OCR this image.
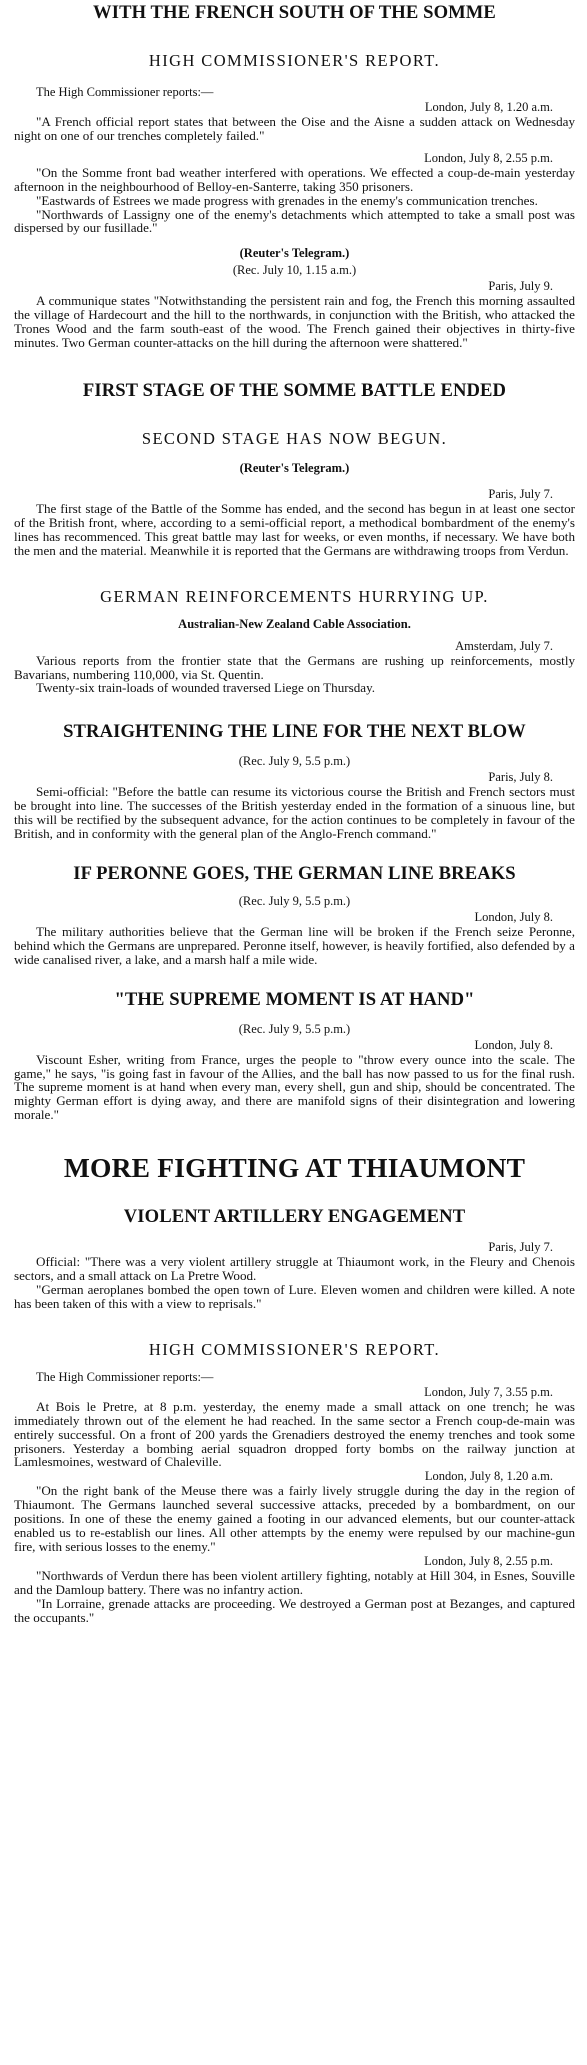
WITH THE FRENCH SOUTH OF THE SOMME
HIGH COMMISSIONER'S REPORT.

The High Commissioner reports:—

London, July 8, 1.20 a.m.

"A French official report states that between the Oise and the Aisne a sudden attack on Wednesday night on one of our trenches completely failed."

London, July 8, 2.55 p.m.

"On the Somme front bad weather interfered with operations. We effected a coup-de-main yesterday afternoon in the neighbourhood of Belloy-en-Santerre, taking 350 prisoners.

"Eastwards of Estrees we made progress with grenades in the enemy's communication trenches.

"Northwards of Lassigny one of the enemy's detachments which attempted to take a small post was dispersed by our fusillade."

(Reuter's Telegram.)

(Rec. July 10, 1.15 a.m.)

Paris, July 9.

A communique states "Notwithstanding the persistent rain and fog, the French this morning assaulted the village of Hardecourt and the hill to the northwards, in conjunction with the British, who attacked the Trones Wood and the farm south-east of the wood. The French gained their objectives in thirty-five minutes. Two German counter-attacks on the hill during the afternoon were shattered."

FIRST STAGE OF THE SOMME BATTLE ENDED
SECOND STAGE HAS NOW BEGUN.

(Reuter's Telegram.)

Paris, July 7.

The first stage of the Battle of the Somme has ended, and the second has begun in at least one sector of the British front, where, according to a semi-official report, a methodical bombardment of the enemy's lines has recommenced. This great battle may last for weeks, or even months, if necessary. We have both the men and the material. Meanwhile it is reported that the Germans are withdrawing troops from Verdun.

GERMAN REINFORCEMENTS HURRYING UP.

Australian-New Zealand Cable Association.

Amsterdam, July 7.

Various reports from the frontier state that the Germans are rushing up reinforcements, mostly Bavarians, numbering 110,000, via St. Quentin.

Twenty-six train-loads of wounded traversed Liege on Thursday.

STRAIGHTENING THE LINE FOR THE NEXT BLOW

(Rec. July 9, 5.5 p.m.)

Paris, July 8.

Semi-official: "Before the battle can resume its victorious course the British and French sectors must be brought into line. The successes of the British yesterday ended in the formation of a sinuous line, but this will be rectified by the subsequent advance, for the action continues to be completely in favour of the British, and in conformity with the general plan of the Anglo-French command."

IF PERONNE GOES, THE GERMAN LINE BREAKS

(Rec. July 9, 5.5 p.m.)

London, July 8.

The military authorities believe that the German line will be broken if the French seize Peronne, behind which the Germans are unprepared. Peronne itself, however, is heavily fortified, also defended by a wide canalised river, a lake, and a marsh half a mile wide.

"THE SUPREME MOMENT IS AT HAND"

(Rec. July 9, 5.5 p.m.)

London, July 8.

Viscount Esher, writing from France, urges the people to "throw every ounce into the scale. The game," he says, "is going fast in favour of the Allies, and the ball has now passed to us for the final rush. The supreme moment is at hand when every man, every shell, gun and ship, should be concentrated. The mighty German effort is dying away, and there are manifold signs of their disintegration and lowering morale."

MORE FIGHTING AT THIAUMONT
VIOLENT ARTILLERY ENGAGEMENT

Paris, July 7.

Official: "There was a very violent artillery struggle at Thiaumont work, in the Fleury and Chenois sectors, and a small attack on La Pretre Wood.

"German aeroplanes bombed the open town of Lure. Eleven women and children were killed. A note has been taken of this with a view to reprisals."

HIGH COMMISSIONER'S REPORT.

The High Commissioner reports:—

London, July 7, 3.55 p.m.

At Bois le Pretre, at 8 p.m. yesterday, the enemy made a small attack on one trench; he was immediately thrown out of the element he had reached. In the same sector a French coup-de-main was entirely successful. On a front of 200 yards the Grenadiers destroyed the enemy trenches and took some prisoners. Yesterday a bombing aerial squadron dropped forty bombs on the railway junction at Lamlesmoines, westward of Chaleville.

London, July 8, 1.20 a.m.

"On the right bank of the Meuse there was a fairly lively struggle during the day in the region of Thiaumont. The Germans launched several successive attacks, preceded by a bombardment, on our positions. In one of these the enemy gained a footing in our advanced elements, but our counter-attack enabled us to re-establish our lines. All other attempts by the enemy were repulsed by our machine-gun fire, with serious losses to the enemy."

London, July 8, 2.55 p.m.

"Northwards of Verdun there has been violent artillery fighting, notably at Hill 304, in Esnes, Souville and the Damloup battery. There was no infantry action.

"In Lorraine, grenade attacks are proceeding. We destroyed a German post at Bezanges, and captured the occupants."
